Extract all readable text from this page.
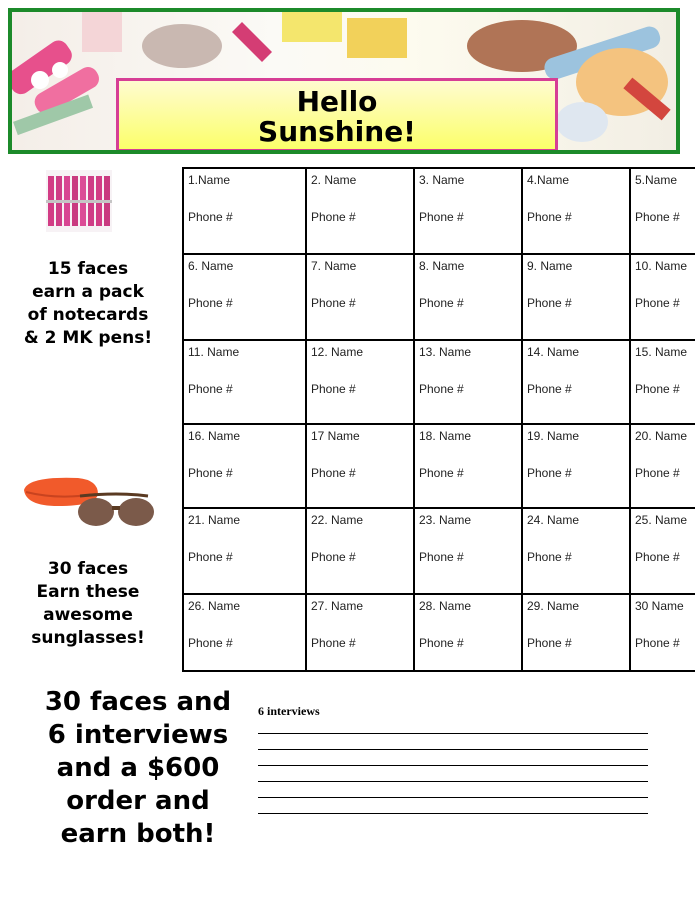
Hello
Sunshine!
15 faces
earn a pack
of notecards
& 2 MK pens!
30 faces
Earn these
awesome
sunglasses!
1.Name
Phone #	2. Name
Phone #	3. Name
Phone #	4.Name
Phone #	5.Name
Phone #

6. Name
Phone #	7. Name
Phone #	8. Name
Phone #	9. Name
Phone #	10. Name
Phone #

11. Name
Phone #	12. Name
Phone #	13. Name
Phone #	14. Name
Phone #	15. Name
Phone #

16. Name
Phone #	17 Name
Phone #	18. Name
Phone #	19. Name
Phone #	20. Name
Phone #

21. Name
Phone #	22. Name
Phone #	23. Name
Phone #	24. Name
Phone #	25. Name
Phone #

26. Name
Phone #	27. Name
Phone #	28. Name
Phone #	29. Name
Phone #	30 Name
Phone #
30 faces and
6 interviews
and a $600
order and
earn both!
6 interviews
